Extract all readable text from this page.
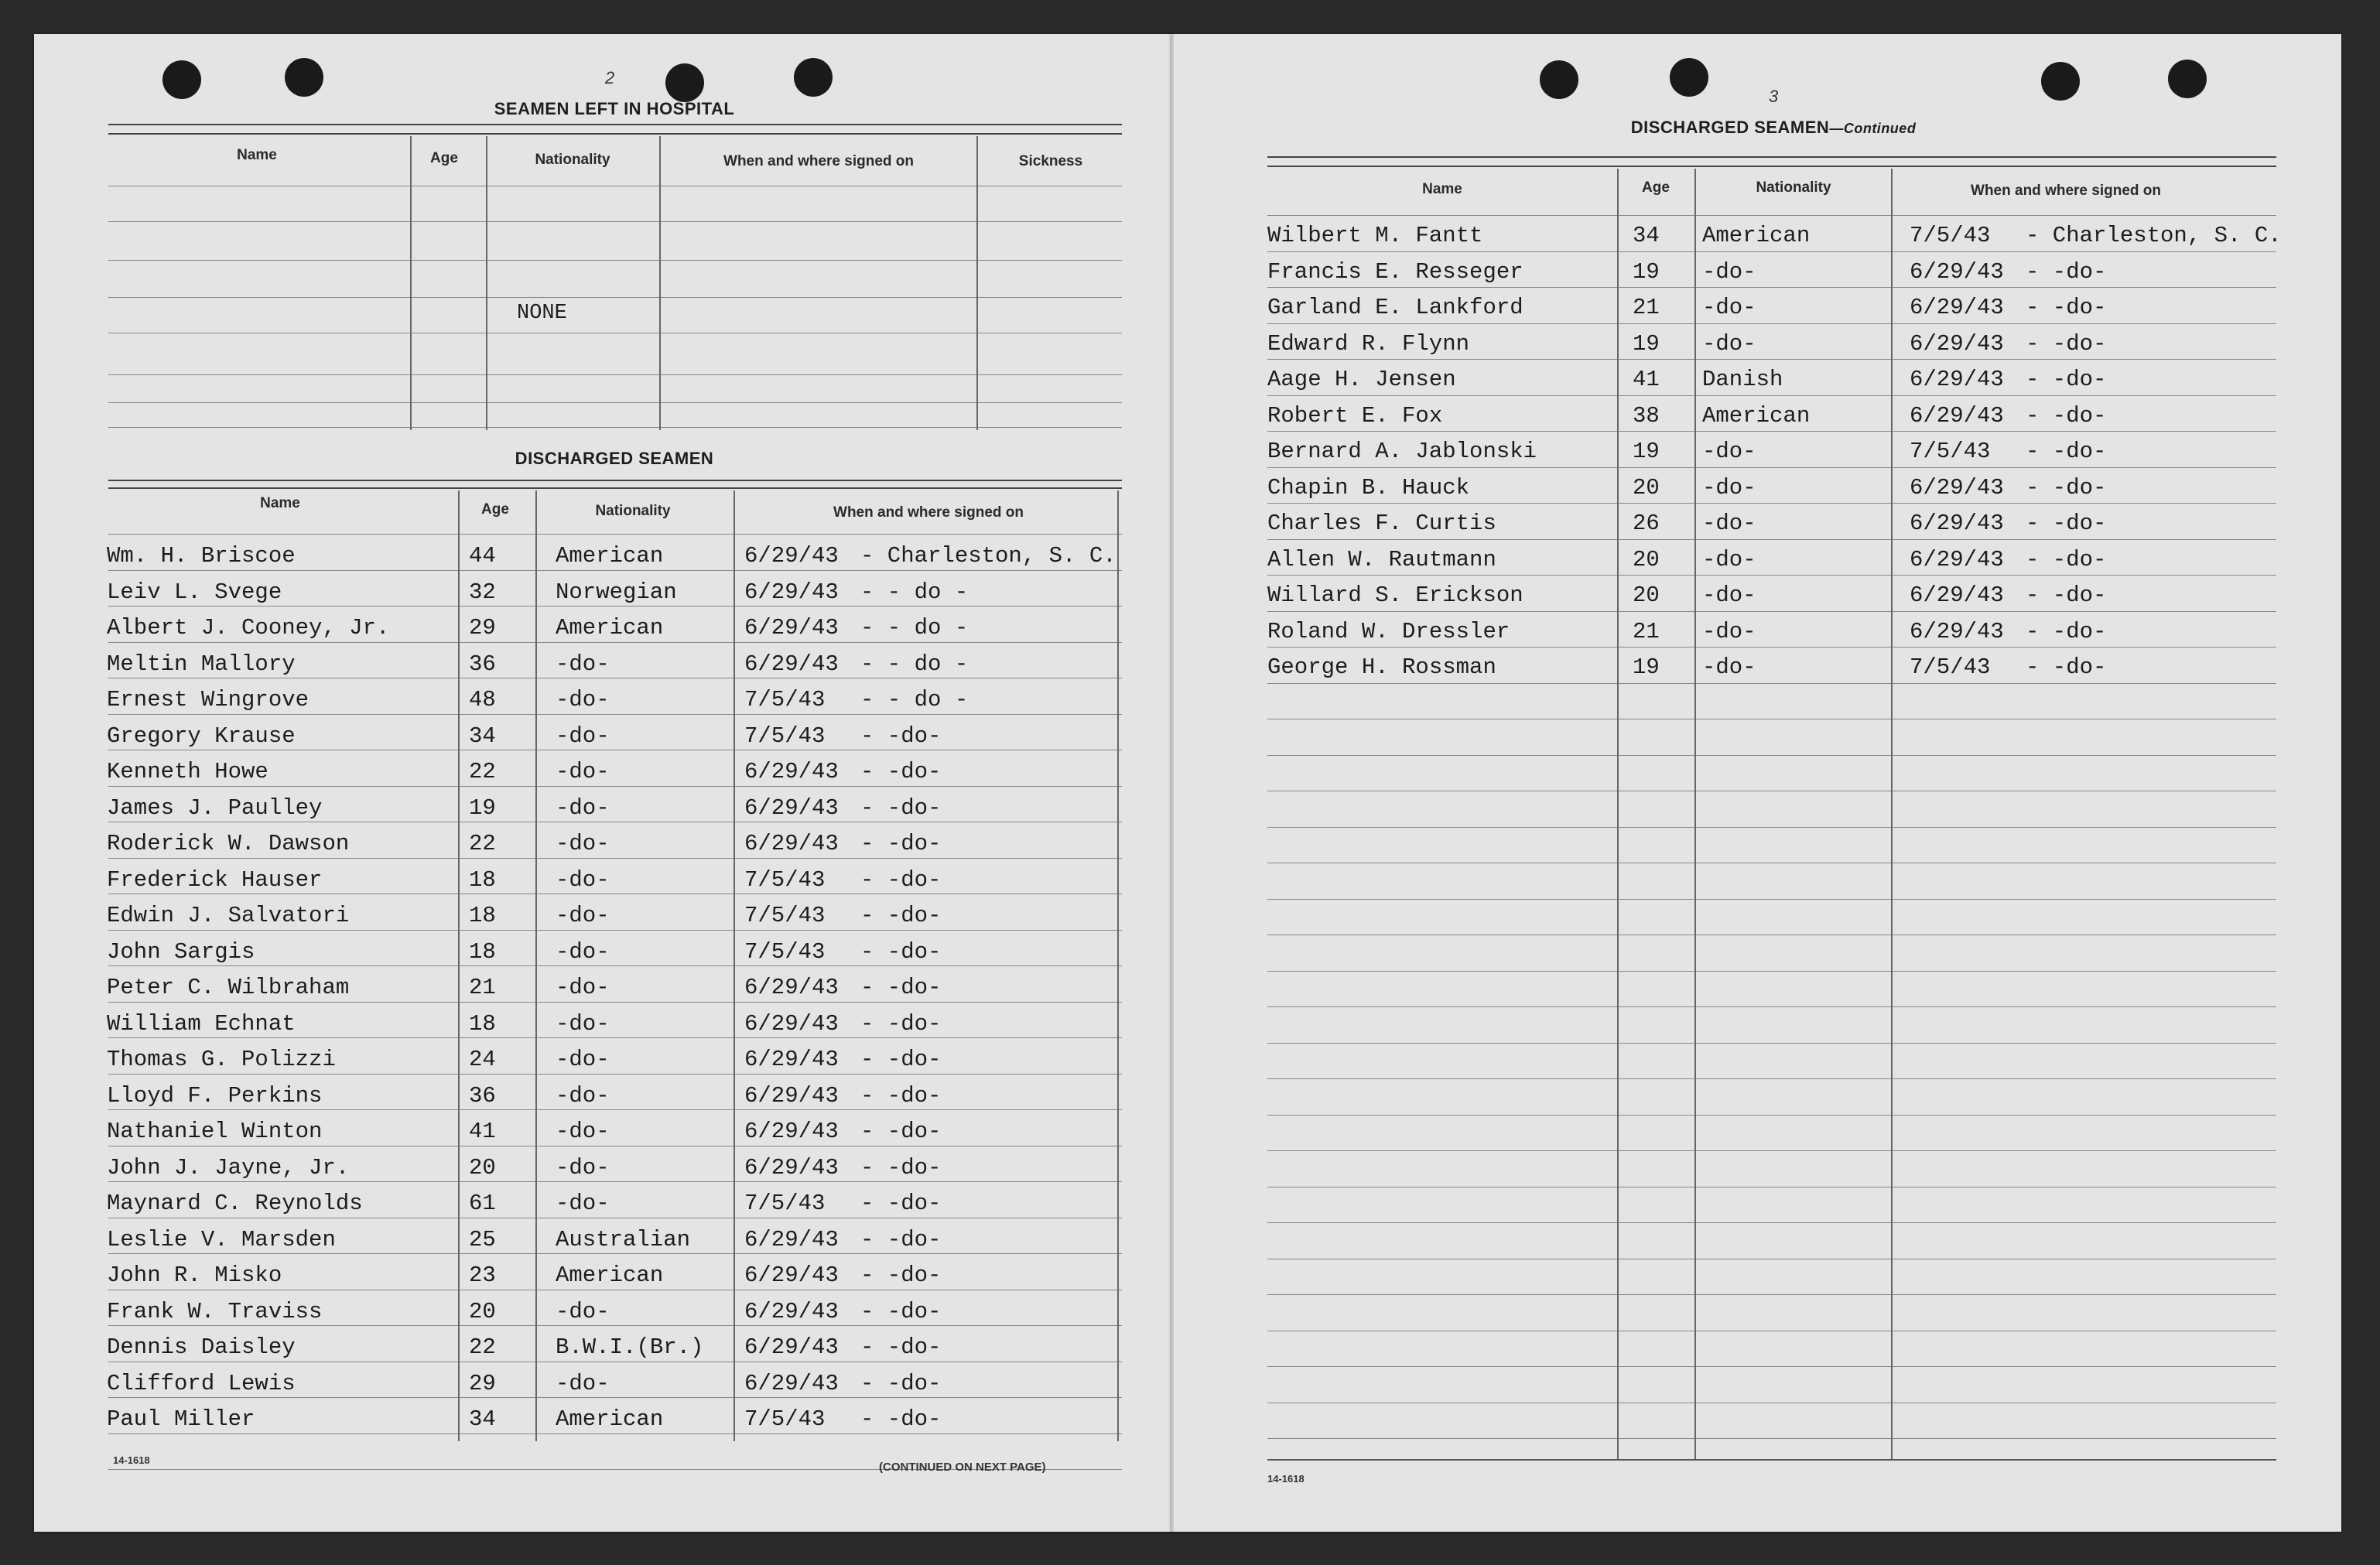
2
SEAMEN LEFT IN HOSPITAL
Name	Age	Nationality	When and where signed on	Sickness
NONE
DISCHARGED SEAMEN
Name	Age	Nationality	When and where signed on
Wm. H. Briscoe	44	American	6/29/43 - Charleston, S. C.
Leiv L. Svege	32	Norwegian	6/29/43 - - do -
Albert J. Cooney, Jr.	29	American	6/29/43 - - do -
Meltin Mallory	36	-do-	6/29/43 - - do -
Ernest Wingrove	48	-do-	7/5/43 - - do -
Gregory Krause	34	-do-	7/5/43 - -do-
Kenneth Howe	22	-do-	6/29/43 - -do-
James J. Paulley	19	-do-	6/29/43 - -do-
Roderick W. Dawson	22	-do-	6/29/43 - -do-
Frederick Hauser	18	-do-	7/5/43 - -do-
Edwin J. Salvatori	18	-do-	7/5/43 - -do-
John Sargis	18	-do-	7/5/43 - -do-
Peter C. Wilbraham	21	-do-	6/29/43 - -do-
William Echnat	18	-do-	6/29/43 - -do-
Thomas G. Polizzi	24	-do-	6/29/43 - -do-
Lloyd F. Perkins	36	-do-	6/29/43 - -do-
Nathaniel Winton	41	-do-	6/29/43 - -do-
John J. Jayne, Jr.	20	-do-	6/29/43 - -do-
Maynard C. Reynolds	61	-do-	7/5/43 - -do-
Leslie V. Marsden	25	Australian 6/29/43 - -do-
John R. Misko	23	American	6/29/43 - -do-
Frank W. Traviss	20	-do-	6/29/43 - -do-
Dennis Daisley	22	B.W.I.(Br.) 6/29/43 - -do-
Clifford Lewis	29	-do-	6/29/43 - -do-
Paul Miller	34	American	7/5/43 - -do-
14-1618
(CONTINUED ON NEXT PAGE)
3
DISCHARGED SEAMEN—Continued
Name	Age	Nationality	When and where signed on
Wilbert M. Fantt	34 American	7/5/43 - Charleston, S. C.
Francis E. Resseger	19 -do-	6/29/43 - -do-
Garland E. Lankford	21 -do-	6/29/43 - -do-
Edward R. Flynn	19 -do-	6/29/43 - -do-
Aage H. Jensen	41 Danish	6/29/43 - -do-
Robert E. Fox	38 American	6/29/43 - -do-
Bernard A. Jablonski	19 -do-	7/5/43 - -do-
Chapin B. Hauck	20 -do-	6/29/43 - -do-
Charles F. Curtis	26 -do-	6/29/43 - -do-
Allen W. Rautmann	20 -do-	6/29/43 - -do-
Willard S. Erickson	20 -do-	6/29/43 - -do-
Roland W. Dressler	21 -do-	6/29/43 - -do-
George H. Rossman	19 -do-	7/5/43 - -do-
14-1618
